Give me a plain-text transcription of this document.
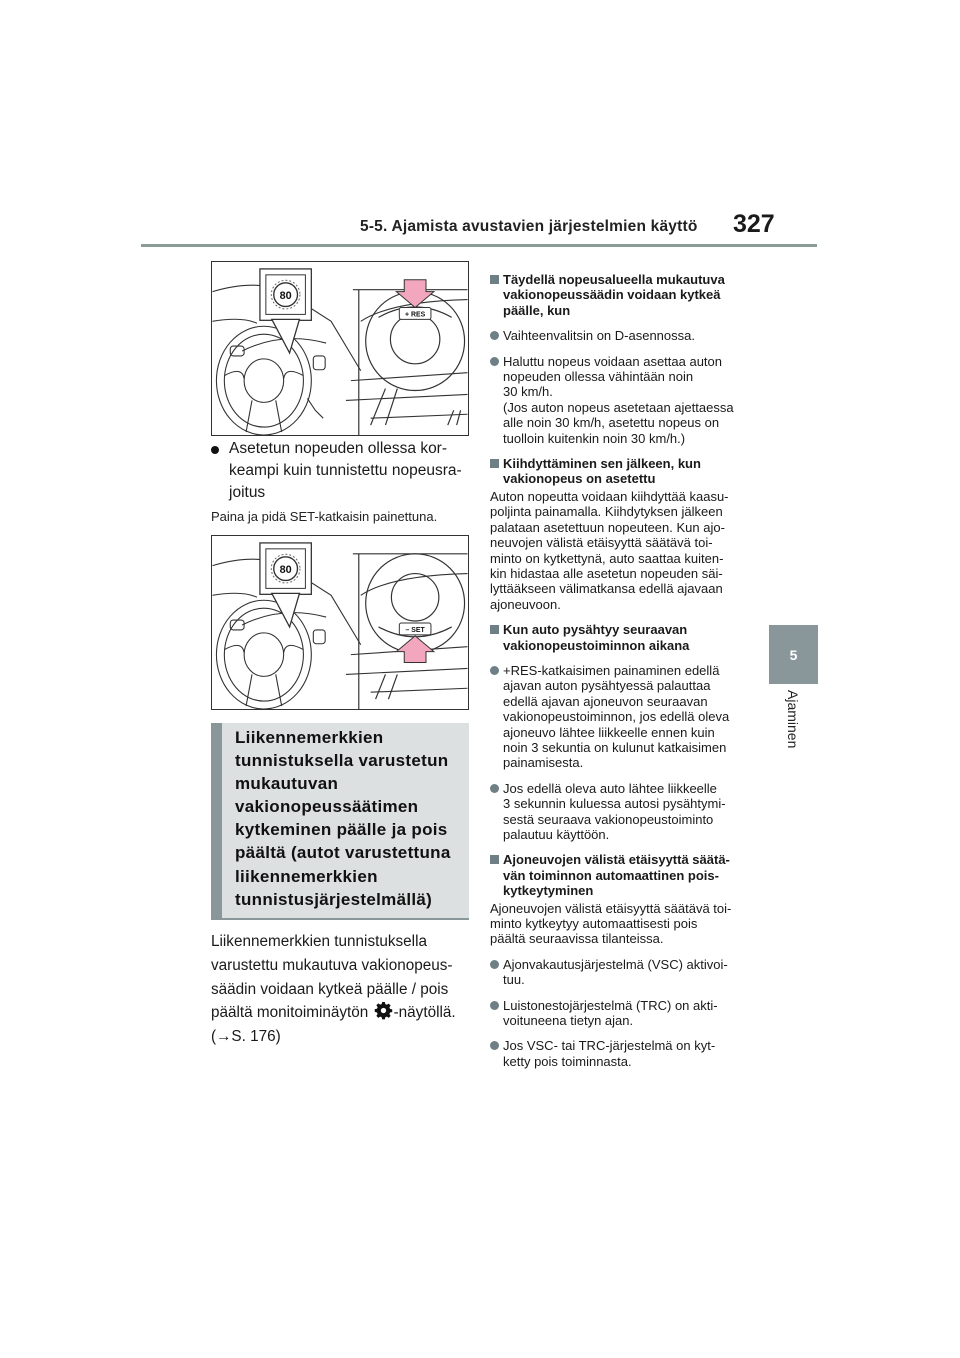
5-5. Ajamista avustavien järjestelmien käyttö 327
5
Ajaminen
80
+ RES
Asetetun nopeuden ollessa kor-
keampi kuin tunnistettu nopeusra-
joitus
Paina ja pidä SET-katkaisin painettuna.
80
– SET
Liikennemerkkien
tunnistuksella varustetun
mukautuvan
vakionopeussäätimen
kytkeminen päälle ja pois
päältä (autot varustettuna
liikennemerkkien
tunnistusjärjestelmällä)
Liikennemerkkien tunnistuksella
varustettu mukautuva vakionopeus-
säädin voidaan kytkeä päälle / pois
päältä monitoiminäytön -näytöllä.
(→S. 176)
Täydellä nopeusalueella mukautuva
vakionopeussäädin voidaan kytkeä
päälle, kun
Vaihteenvalitsin on D-asennossa.
Haluttu nopeus voidaan asettaa auton
nopeuden ollessa vähintään noin
30 km/h.
(Jos auton nopeus asetetaan ajettaessa
alle noin 30 km/h, asetettu nopeus on
tuolloin kuitenkin noin 30 km/h.)
Kiihdyttäminen sen jälkeen, kun
vakionopeus on asetettu
Auton nopeutta voidaan kiihdyttää kaasu-
poljinta painamalla. Kiihdytyksen jälkeen
palataan asetettuun nopeuteen. Kun ajo-
neuvojen välistä etäisyyttä säätävä toi-
minto on kytkettynä, auto saattaa kuiten-
kin hidastaa alle asetetun nopeuden säi-
lyttääkseen välimatkansa edellä ajavaan
ajoneuvoon.
Kun auto pysähtyy seuraavan
vakionopeustoiminnon aikana
+RES-katkaisimen painaminen edellä
ajavan auton pysähtyessä palauttaa
edellä ajavan ajoneuvon seuraavan
vakionopeustoiminnon, jos edellä oleva
ajoneuvo lähtee liikkeelle ennen kuin
noin 3 sekuntia on kulunut katkaisimen
painamisesta.
Jos edellä oleva auto lähtee liikkeelle
3 sekunnin kuluessa autosi pysähtymi-
sestä seuraava vakionopeustoiminto
palautuu käyttöön.
Ajoneuvojen välistä etäisyyttä säätä-
vän toiminnon automaattinen pois-
kytkeytyminen
Ajoneuvojen välistä etäisyyttä säätävä toi-
minto kytkeytyy automaattisesti pois
päältä seuraavissa tilanteissa.
Ajonvakautusjärjestelmä (VSC) aktivoi-
tuu.
Luistonestojärjestelmä (TRC) on akti-
voituneena tietyn ajan.
Jos VSC- tai TRC-järjestelmä on kyt-
ketty pois toiminnasta.
